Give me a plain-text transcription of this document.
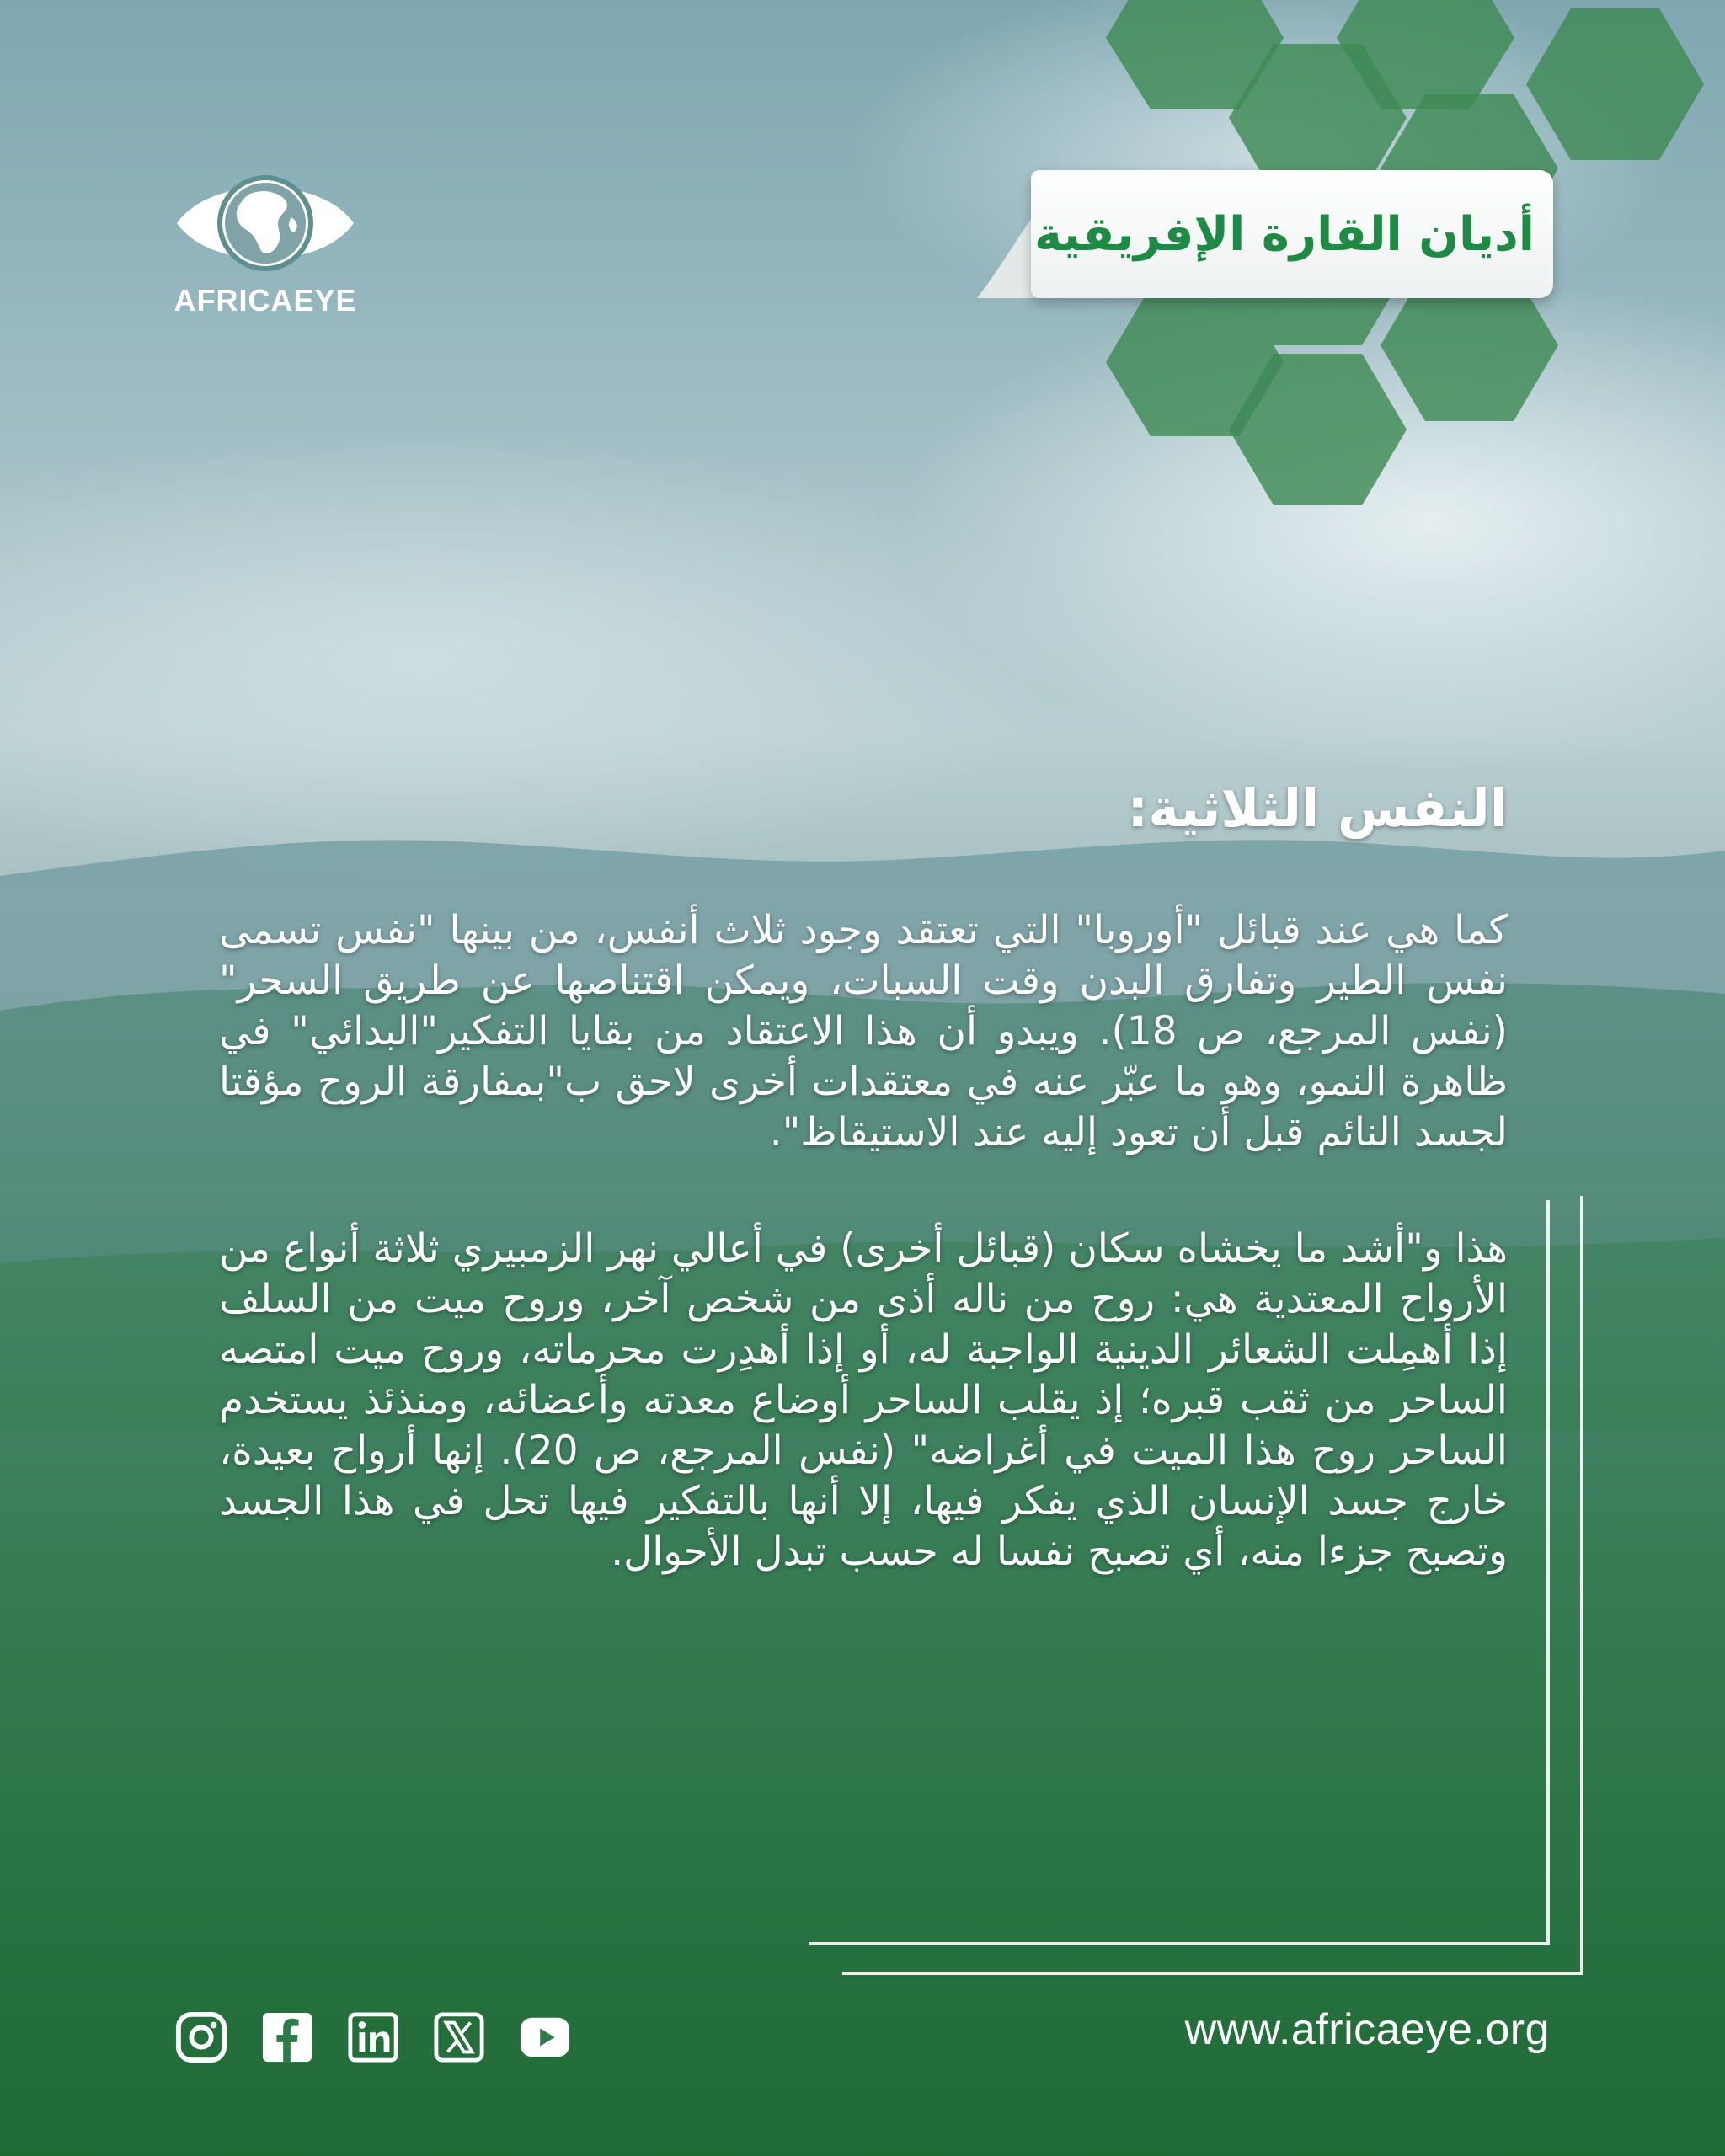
AFRICAEYE
أديان القارة الإفريقية
النفس الثلاثية:

كما هي عند قبائل "أوروبا" التي تعتقد وجود ثلاث أنفس، من بينها "نفس تسمى نفس الطير وتفارق البدن وقت السبات، ويمكن اقتناصها عن طريق السحر" (نفس المرجع، ص 18). ويبدو أن هذا الاعتقاد من بقايا التفكير"البدائي" في ظاهرة النمو، وهو ما عبّر عنه في معتقدات أخرى لاحق ب"بمفارقة الروح مؤقتا لجسد النائم قبل أن تعود إليه عند الاستيقاظ".

هذا و"أشد ما يخشاه سكان (قبائل أخرى) في أعالي نهر الزمبيري ثلاثة أنواع من الأرواح المعتدية هي: روح من ناله أذى من شخص آخر، وروح ميت من السلف إذا أهمِلت الشعائر الدينية الواجبة له، أو إذا أهدِرت محرماته، وروح ميت امتصه الساحر من ثقب قبره؛ إذ يقلب الساحر أوضاع معدته وأعضائه، ومنذئذ يستخدم الساحر روح هذا الميت في أغراضه" (نفس المرجع، ص 20). إنها أرواح بعيدة، خارج جسد الإنسان الذي يفكر فيها، إلا أنها بالتفكير فيها تحل في هذا الجسد وتصبح جزءا منه، أي تصبح نفسا له حسب تبدل الأحوال.

www.africaeye.org
